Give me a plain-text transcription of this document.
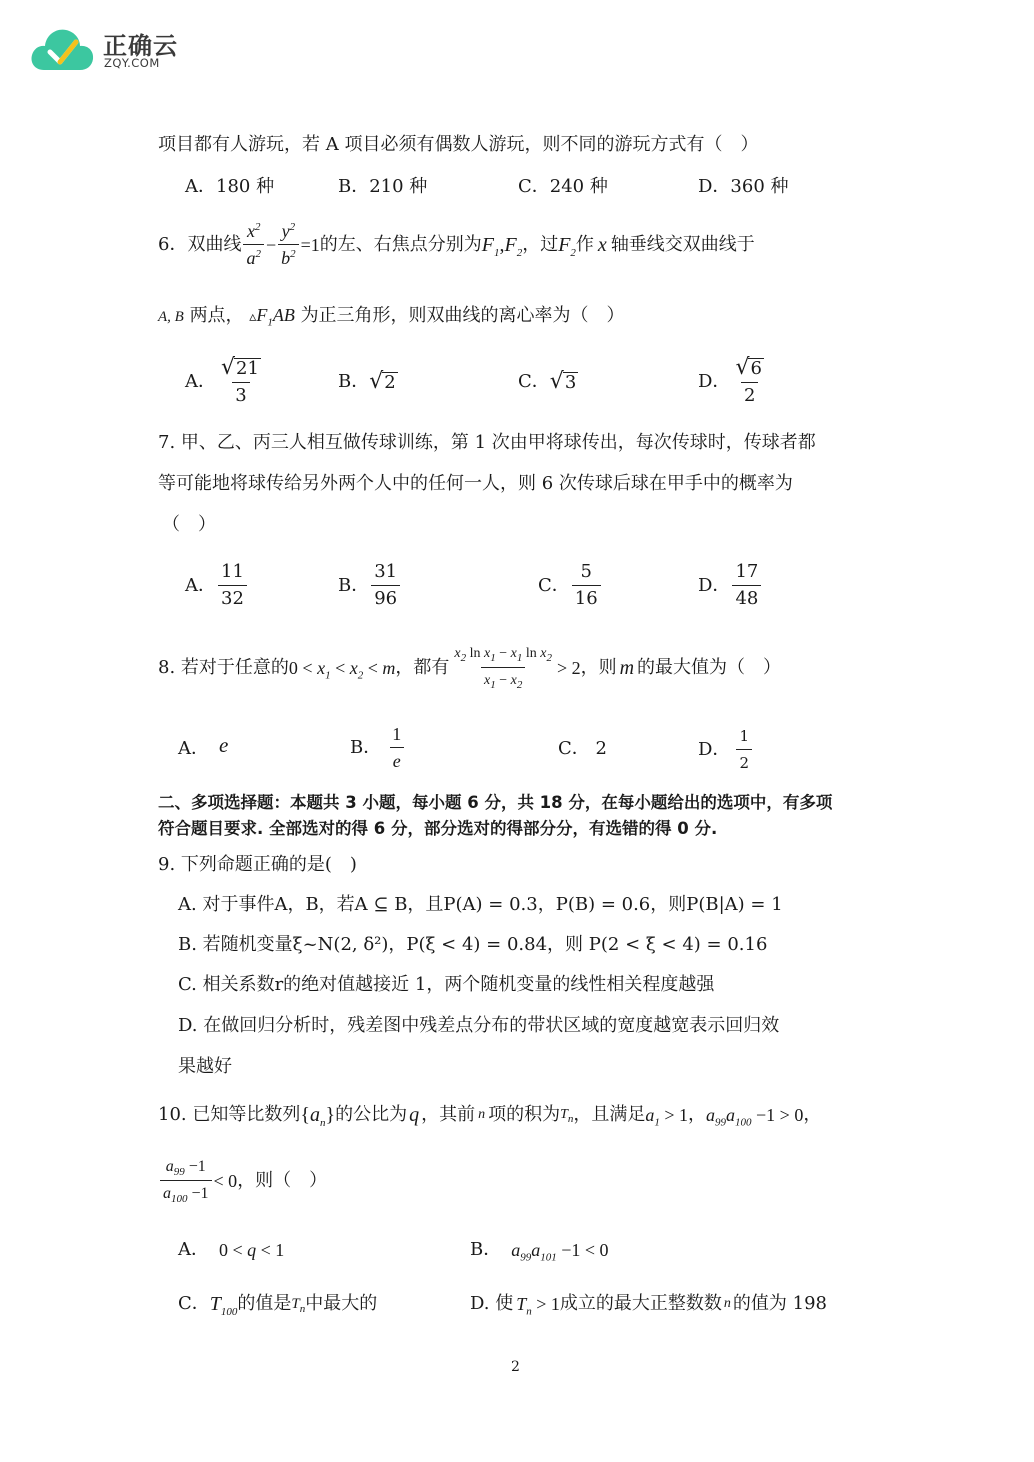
正确云
ZQY.COM
项目都有人游玩，若 A 项目必须有偶数人游玩，则不同的游玩方式有（　）
A．180 种	B．210 种	C．240 种	D．360 种
6． 双曲线 $\frac{x^2}{a^2} - \frac{y^2}{b^2} =1$ 的左、右焦点分别为 $F_1,F_2$ ，过 $F_2$ 作 x 轴垂线交双曲线于
A, B 两点， $▵F_1AB$ 为正三角形，则双曲线的离心率为（　）
A． $\frac{√ 21}{3}$	B． √ 2	C． √ 3	D． $\frac{√ 6}{2}$
7. 甲、乙、丙三人相互做传球训练，第 1 次由甲将球传出，每次传球时，传球者都
等可能地将球传给另外两个人中的任何一人，则 6 次传球后球在甲手中的概率为
（　）
A． $\frac{11}{32}$	B． $\frac{31}{96}$	C． $\frac{5}{16}$	D． $\frac{17}{48}$
8. 若对于任意的 $0 < x_1 < x_2 < m$ ，都有 $\frac{x_2 \ln x_1 - x_1 \ln x_2}{x_1 - x_2} > 2$ ，则 m 的最大值为（　）
A． e	B． $\frac{1}{e}$	C． 2	D． $\frac{1}{2}$
二、多项选择题：本题共 3 小题，每小题 6 分，共 18 分，在每小题给出的选项中，有多项
符合题目要求. 全部选对的得 6 分，部分选对的得部分分，有选错的得 0 分.
9. 下列命题正确的是(　)
A. 对于事件A，B，若A ⊆ B，且P(A) = 0.3，P(B) = 0.6，则P(B|A) = 1
B. 若随机变量ξ~N(2, δ²)，P(ξ < 4) = 0.84，则 P(2 < ξ < 4) = 0.16
C. 相关系数r的绝对值越接近 1，两个随机变量的线性相关程度越强
D. 在做回归分析时，残差图中残差点分布的带状区域的宽度越宽表示回归效
果越好
10. 已知等比数列 $\{a_n\}$ 的公比为 q ，其前 n 项的积为 $T_n$ ，且满足 $a_1 > 1$ ， $a_{99}a_{100} -1 > 0$ ，
$\frac{a_{99} -1}{a_{100} -1} < 0$ ，则（　）
A． 0 < q < 1	B． $a_{99}a_{101} -1 < 0$
C． $T_{100}$ 的值是 $T_n$ 中最大的	D. 使 $T_n > 1$ 成立的最大正整数数 n 的值为 198
2
